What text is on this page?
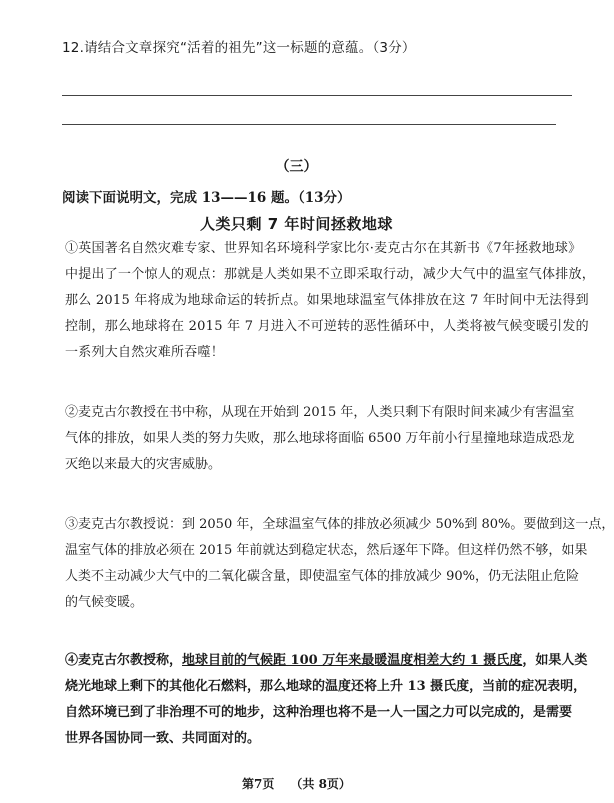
12.请结合文章探究“活着的祖先”这一标题的意蕴。（3分）
（三）
阅读下面说明文，完成 13——16 题。（13分）
人类只剩 7 年时间拯救地球
①英国著名自然灾难专家、世界知名环境科学家比尔·麦克古尔在其新书《7年拯救地球》
中提出了一个惊人的观点：那就是人类如果不立即采取行动，减少大气中的温室气体排放，
那么 2015 年将成为地球命运的转折点。如果地球温室气体排放在这 7 年时间中无法得到
控制，那么地球将在 2015 年 7 月进入不可逆转的恶性循环中，人类将被气候变暖引发的
一系列大自然灾难所吞噬！
②麦克古尔教授在书中称，从现在开始到 2015 年，人类只剩下有限时间来减少有害温室
气体的排放，如果人类的努力失败，那么地球将面临 6500 万年前小行星撞地球造成恐龙
灭绝以来最大的灾害威胁。
③麦克古尔教授说：到 2050 年，全球温室气体的排放必须减少 50%到 80%。要做到这一点，
温室气体的排放必须在 2015 年前就达到稳定状态，然后逐年下降。但这样仍然不够，如果
人类不主动减少大气中的二氧化碳含量，即使温室气体的排放减少 90%，仍无法阻止危险
的气候变暖。
④麦克古尔教授称，地球目前的气候距 100 万年来最暖温度相差大约 1 摄氏度，如果人类
烧光地球上剩下的其他化石燃料，那么地球的温度还将上升 13 摄氏度，当前的症况表明，
自然环境已到了非治理不可的地步，这种治理也将不是一人一国之力可以完成的，是需要
世界各国协同一致、共同面对的。
第7页 （共 8页）
